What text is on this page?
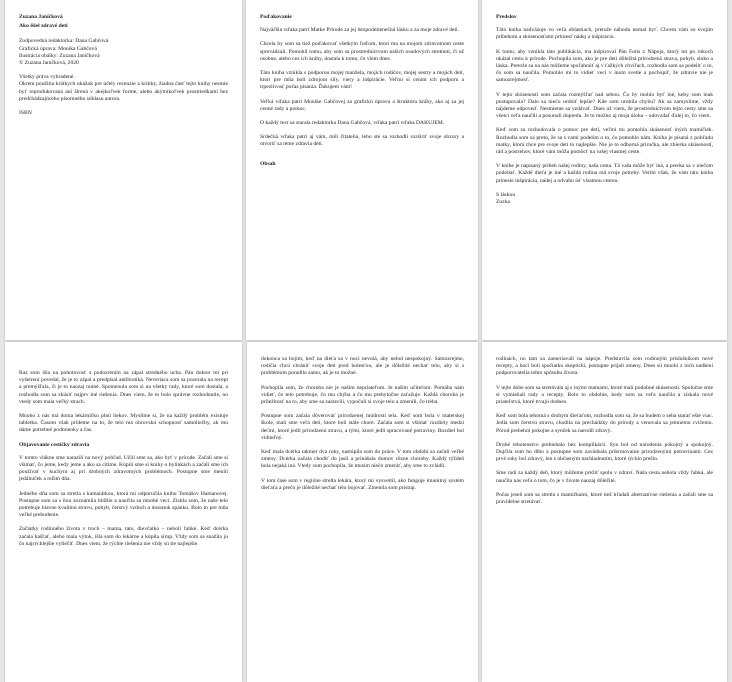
Zuzana Janíčková

Ako išiel zdravé deti

Zodpovedná redaktorka: Dana Gabčová

Grafická úprava: Monika Gabčová

Ilustrácia obálky: Zuzana Janíčková

© Zuzana Janíčková, 2020

Všetky práva vyhradené.

Okrem použitia krátkych ukážok pre účely recenzie a kritiky, žiadna časť tejto knihy nesmie byť reprodukovaná ani šírená v akejkoľvek forme, alebo akýmikoľvek prostriedkami bez predchádzajúceho písomného súhlasu autora.

ISBN

Poďakovanie

Najväčšia vďaka patrí Matke Prírode za jej bezpodmienečnú lásku a za moje zdravé deti.

Chcela by som sa tiež poďakovať všetkým ľuďom, ktorí ma na mojom zdravotnom ceste sprevádzali. Pomohli tomu, aby som sa prostredníctvom našich osudových stretnutí, či už osobne, alebo cez ich knihy, dostala k tomu, čo viem dnes.

Táto kniha vznikla s podporou mojej manžela, mojich rodičov, mojej sestry a mojich detí, ktorí pre mňa boli zdrojom sily, viery a inšpirácie. Veľmi si cením ich podporu a trpezlivosť počas písania. Ďakujem vám!

Veľká vďaka patrí Monike Gabčovej za grafickú úpravu a štruktúru knihy, ako aj za jej cenné rady a pomoc.

O každý text sa starala redaktorka Dana Gabčová, vďaka patrí vďaka DAKUJEM.

Srdečná vďaka patrí aj vám, milí čitatelia, lebo ste sa rozhodli rozšíriť svoje obzory a otvoriť sa téme zdravia detí.

Obsah

Predslov

Táto kniha nadväzuje vo veľa oblastiach, pretože náhodu nemal byť. Chcem vám so svojím príbehom a skúsenosťami priniesť nádej a inšpiráciu.

K tomu, aby vznikla táto publikácia, ma inšpiroval Pán Fotis z Nápoja, ktorý mi po rokoch ukázal cestu k prírode. Pochopila som, ako je pre deti dôležitá prirodzená strava, pohyb, slnko a láska. Pretože sa na nás môžeme spoľahnúť aj v ťažkých chvíľach, rozhodla som sa podeliť o to, čo som sa naučila. Pomohlo mi to vidieť veci v inom svetle a pochopiť, že zdravie nie je samozrejmosť.

V tejto skúsenosti som začala rozmýšľať nad sebou. Čo by mohlo byť iné, keby som inak postupovala? Dalo sa niečo urobiť lepšie? Kde som urobila chybu? Ak sa zamyslíme, vždy nájdeme odpoveď. Nesmieme sa vzdávať. Dnes už viem, že prostredníctvom tejto cesty sme sa všetci veľa naučili a posunuli dopredu. Je to možno aj moja úloha – odovzdať ďalej to, čo viem.

Keď som sa rozhodovala o pomoc pre deti, veľmi mi pomohla skúsenosť iných mamičiek. Rozhodla som sa preto, že sa s vami podelím o to, čo pomohlo nám. Kniha je písaná z pohľadu matky, ktorá chce pre svoje deti to najlepšie. Nie je to odborná príručka, ale zbierka skúseností, rád a postrehov, ktoré vám môžu pomôcť na vašej vlastnej ceste.

V knihe je napísaný príbeh našej rodiny, naša cesta. Tá vaša môže byť iná, a predsa sa v niečom podobať. Každé dieťa je iné a každá rodina má svoje potreby. Verím však, že vám táto kniha prinesie inšpiráciu, nádej a odvahu ísť vlastnou cestou.

S láskou

Zuzka

Raz som išla na pohotovosť s podozrením na zápal stredného ucha. Pán doktor mi pri vyšetrení povedal, že je to zápal a predpísal antibiotiká. Neveriaca som sa pozerala na recept a premýšľala, či je to naozaj nutné. Spomenula som si na všetky rady, ktoré som dostala, a rozhodla som sa skúsiť najprv iné riešenia. Dnes viem, že to bolo správne rozhodnutie, no vtedy som mala veľký strach.

Mnoho z nás má doma lekárničku plnú liekov. Myslíme si, že na každý problém existuje tabletka. Časom však prídeme na to, že telo má obrovskú schopnosť samoliečby, ak mu dáme potrebné podmienky a čas.

Objavovanie cestičky zdravia

V tomto vlákne sme narazili na nový pohľad. Učili sme sa, ako byť v prírode. Začali sme si všímať, čo jeme, kedy jeme a ako sa cítime. Kúpili sme si knihy o bylinkách a začali sme ich používať v kuchyni aj pri drobných zdravotných problémoch. Postupne sme menili jedálniček a režim dňa.

Jedného dňa som sa stretla s kamarátkou, ktorá mi odporučila knihu Tomášov Hamanovej. Postupne som sa s ňou zoznámila bližšie a naučila sa mnohé veci. Zistila som, že naše telo potrebuje hlavne kvalitnú stravu, pohyb, čerstvý vzduch a dostatok spánku. Bolo to pre mňa veľké prebudenie.

Začiatky rodinného života v troch – mama, tato, dievčatko – neboli ľahké. Keď dcérka začala kašľať, alebo mala výtok, išla som do lekárne a kúpila sirup. Vždy som sa snažila ju čo najrýchlejšie vyliečiť. Dnes viem, že rýchle riešenia nie vždy sú tie najlepšie.

dokonca sa bojím, keď na dieťa sa v noci nevolá, aby nebol nespokojný. Samozrejme, rodičia chcú chrániť svoje deti pred bolesťou, ale je dôležité nechať telo, aby si s problémom poradilo samo, ak je to možné.

Pochopila som, že choroba nie je našim nepriateľom. Je našim učiteľom. Pomáha nám vidieť, čo telo potrebuje, čo mu chýba a čo mu prebytočne zaťažuje. Každá choroba je príležitosť na to, aby sme sa zastavili, vypočuli si svoje telo a zmenili, čo treba.

Postupne som začala dôverovať prirodzenej múdrosti tela. Keď som bola v materskej škole, mali sme veľa detí, ktoré boli stále choré. Začala som si všímať rozdiely medzi deťmi, ktoré jedli prirodzenú stravu, a tými, ktoré jedli spracované potraviny. Rozdiel bol viditeľný.

Keď mala dcérka takmer dva roky, nastúpila som do práce. V tom období sa začali veľké zmeny. Dcérka začala chodiť do jaslí a prinášala domov rôzne choroby. Každý týždeň bola nejaká iná. Vtedy som pochopila, že musím niečo zmeniť, aby sme to zvládli.

V tom čase som v regióne stretla lekára, ktorý mi vysvetlil, ako funguje imunitný systém dieťaťa a prečo je dôležité nechať telo bojovať. Zmenila som prístup.

rodinách, no tam sa zameriavali na nápoje. Predstavila som rodinným príslušníkom nové recepty, a hoci boli spočiatku skeptickí, postupne prijali zmeny. Dnes sú mnohí z nich nadšení podporovatelia tohto spôsobu života.

V tejto dobe som sa stretávala aj s inými mamami, ktoré mali podobné skúsenosti. Spoločne sme si vymieňali rady a recepty. Bolo to obdobie, kedy som sa veľa naučila a získala nové priateľstvá, ktoré trvajú dodnes.

Keď som bola tehotná s druhým dieťaťom, rozhodla som sa, že sa budem o seba starať ešte viac. Jedla som čerstvú stravu, chodila na prechádzky do prírody a venovala sa jemnému cvičeniu. Pôrod prebehol pokojne a synček sa narodil zdravý.

Druhé tehotenstvo prebiehalo bez komplikácií. Syn bol od narodenia pokojný a spokojný. Dojčila som ho dlho a postupne som zavádzala prikrmovanie prirodzenými potravinami. Cez prvé roky bol zdravý, len s občasným nachladnutím, ktoré rýchlo prešlo.

Sme radi za každý deň, ktorý môžeme prežiť spolu v zdraví. Naša cesta nebola vždy ľahká, ale naučila nás veľa o tom, čo je v živote naozaj dôležité.

Počas jeseň som sa stretla s mamičkami, ktoré tiež hľadali alternatívne riešenia a začali sme sa pravidelne stretávať.
